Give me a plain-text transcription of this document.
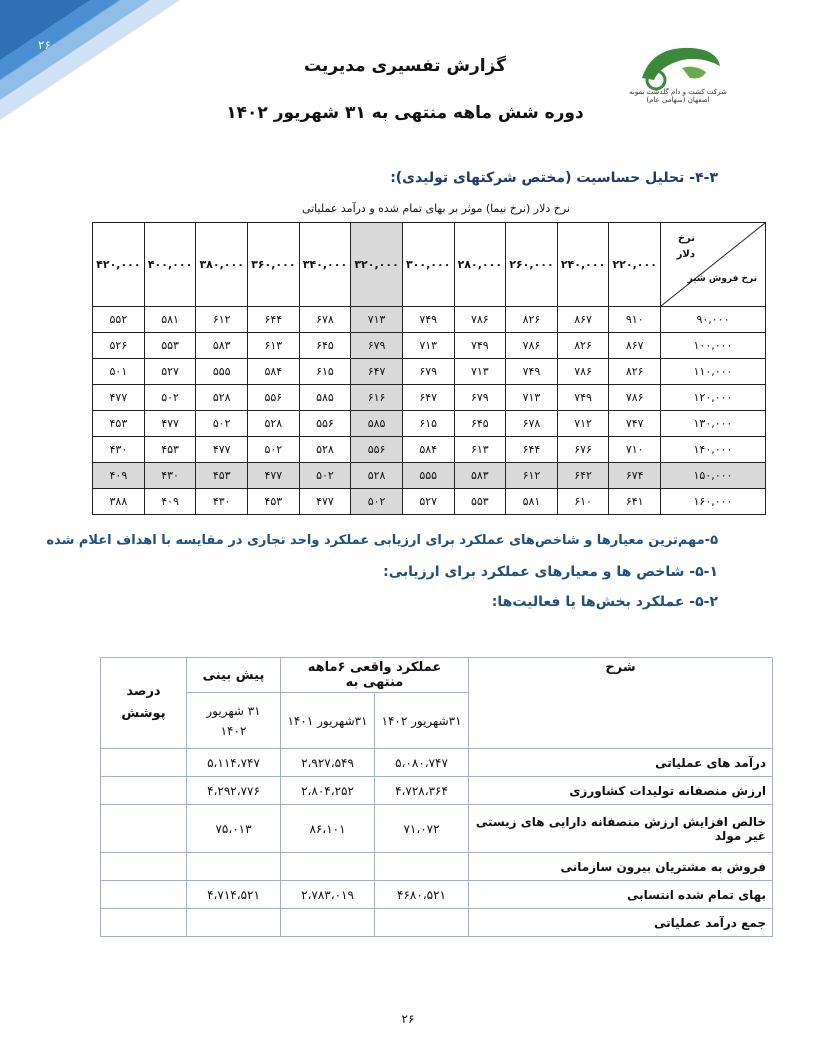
۲۶
شرکت کشت و دام گلدشت نمونه اصفهان (سهامی عام)
گزارش تفسیری مدیریت
دوره شش ماهه منتهی به ۳۱ شهریور ۱۴۰۲
۴-۳- تحلیل حساسیت (مختص شرکتهای تولیدی):
نرخ دلار (نرخ نیما) موثر بر بهای تمام شده و درآمد عملیاتی
نرخ دلار
نرخ فروش شیر	۲۲۰,۰۰۰	۲۴۰,۰۰۰	۲۶۰,۰۰۰	۲۸۰,۰۰۰	۳۰۰,۰۰۰	۳۲۰,۰۰۰	۳۴۰,۰۰۰	۳۶۰,۰۰۰	۳۸۰,۰۰۰	۴۰۰,۰۰۰	۴۲۰,۰۰۰
۹۰,۰۰۰	۹۱۰	۸۶۷	۸۲۶	۷۸۶	۷۴۹	۷۱۳	۶۷۸	۶۴۴	۶۱۲	۵۸۱	۵۵۲
۱۰۰,۰۰۰	۸۶۷	۸۲۶	۷۸۶	۷۴۹	۷۱۳	۶۷۹	۶۴۵	۶۱۳	۵۸۳	۵۵۳	۵۲۶
۱۱۰,۰۰۰	۸۲۶	۷۸۶	۷۴۹	۷۱۳	۶۷۹	۶۴۷	۶۱۵	۵۸۴	۵۵۵	۵۲۷	۵۰۱
۱۲۰,۰۰۰	۷۸۶	۷۴۹	۷۱۳	۶۷۹	۶۴۷	۶۱۶	۵۸۵	۵۵۶	۵۲۸	۵۰۲	۴۷۷
۱۳۰,۰۰۰	۷۴۷	۷۱۲	۶۷۸	۶۴۵	۶۱۵	۵۸۵	۵۵۶	۵۲۸	۵۰۲	۴۷۷	۴۵۳
۱۴۰,۰۰۰	۷۱۰	۶۷۶	۶۴۴	۶۱۳	۵۸۴	۵۵۶	۵۲۸	۵۰۲	۴۷۷	۴۵۳	۴۳۰
۱۵۰,۰۰۰	۶۷۴	۶۴۲	۶۱۲	۵۸۳	۵۵۵	۵۲۸	۵۰۲	۴۷۷	۴۵۳	۴۳۰	۴۰۹
۱۶۰,۰۰۰	۶۴۱	۶۱۰	۵۸۱	۵۵۳	۵۲۷	۵۰۲	۴۷۷	۴۵۳	۴۳۰	۴۰۹	۳۸۸
۵-مهم‌ترین معیارها و شاخص‌های عملکرد برای ارزیابی عملکرد واحد تجاری در مقایسه با اهداف اعلام شده
۵-۱- شاخص ها و معیارهای عملکرد برای ارزیابی:
۵-۲- عملکرد بخش‌ها یا فعالیت‌ها:
شرح	عملکرد واقعی ۶ماهه منتهی به		پیش بینی	درصد پوشش
	۳۱شهریور ۱۴۰۲	۳۱شهریور ۱۴۰۱	۳۱ شهریور ۱۴۰۲	
درآمد های عملیاتی	۵،۰۸۰،۷۴۷	۲،۹۲۷،۵۴۹	۵،۱۱۴،۷۴۷	
ارزش منصفانه تولیدات کشاورزی	۴،۷۲۸،۳۶۴	۲،۸۰۴،۲۵۲	۴،۲۹۲،۷۷۶	
خالص افزایش ارزش منصفانه دارایی های زیستی غیر مولد	۷۱،۰۷۲	۸۶،۱۰۱	۷۵،۰۱۳	
فروش به مشتریان بیرون سازمانی				
بهای تمام شده انتسابی	۴۶۸۰،۵۲۱	۲،۷۸۳،۰۱۹	۴،۷۱۴،۵۲۱	
جمع درآمد عملیاتی				
۲۶
